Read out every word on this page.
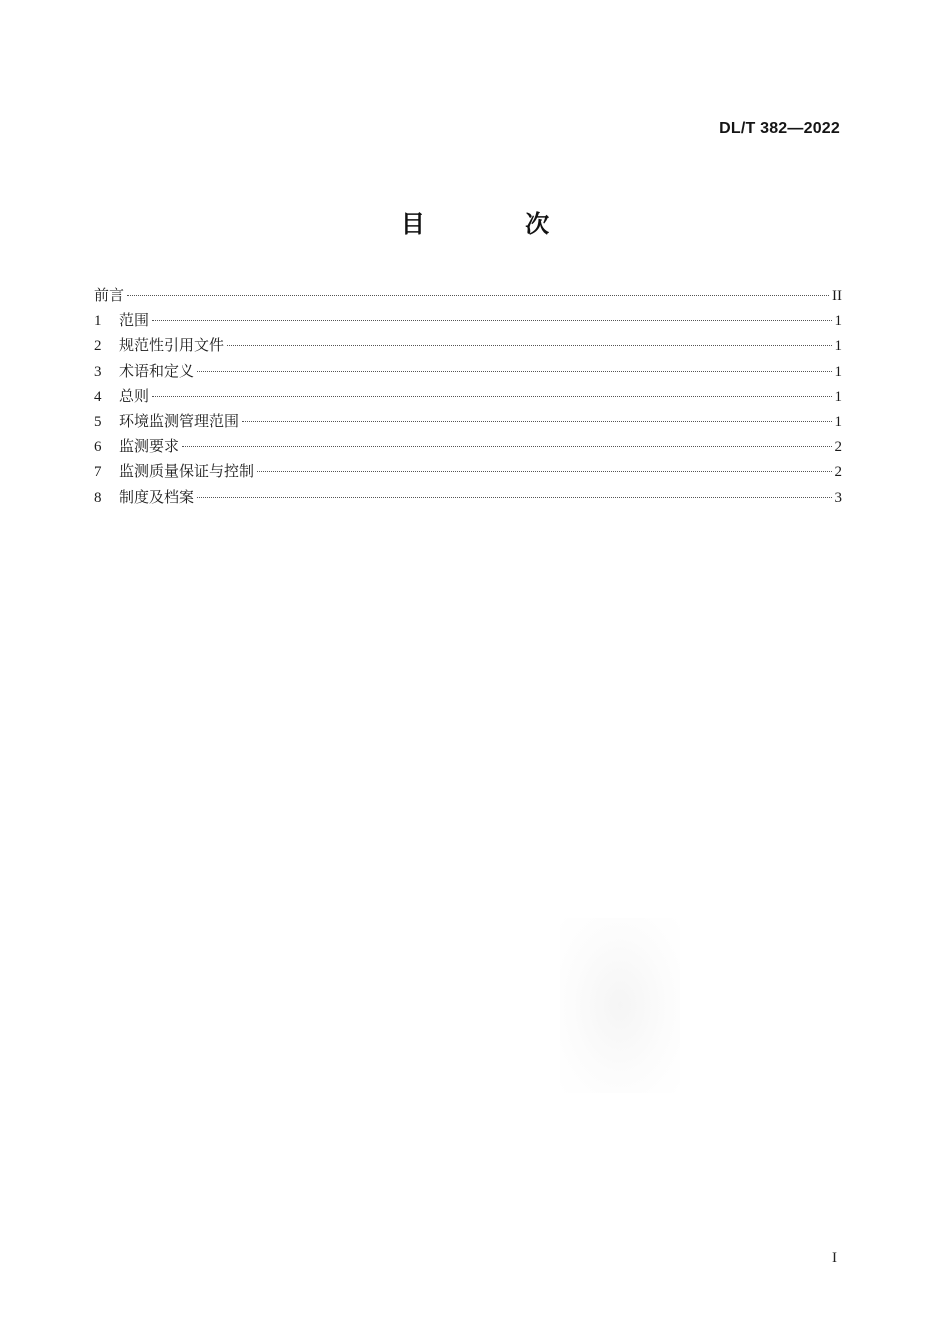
DL/T 382—2022
目 次
前言	II
1	范围	1
2	规范性引用文件	1
3	术语和定义	1
4	总则	1
5	环境监测管理范围	1
6	监测要求	2
7	监测质量保证与控制	2
8	制度及档案	3
I
